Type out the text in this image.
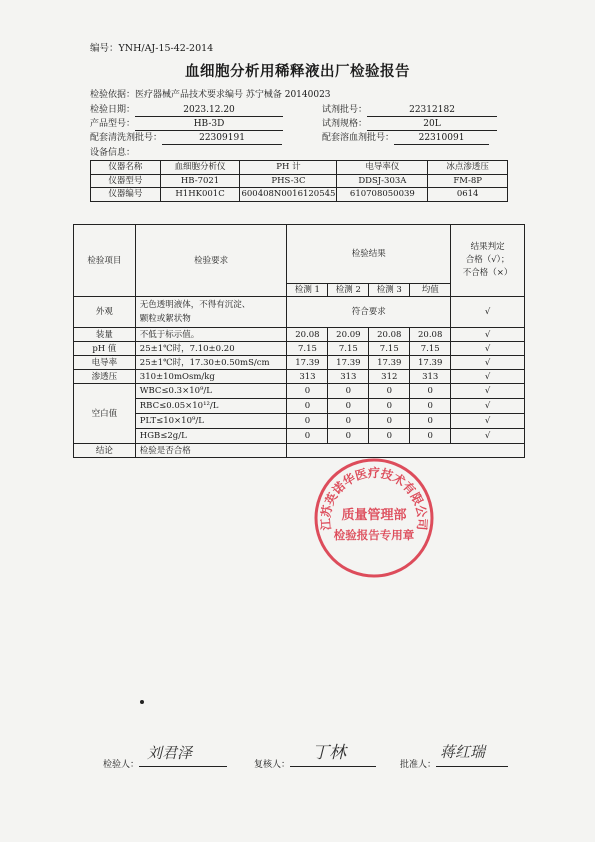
编号：YNH/AJ-15-42-2014
血细胞分析用稀释液出厂检验报告
检验依据：医疗器械产品技术要求编号 苏宁械备 20140023
检验日期：	2023.12.20	试剂批号：	22312182
产品型号：	HB-3D	试剂规格：	20L
配套清洗剂批号：	22309191	配套溶血剂批号：	22310091
设备信息：
仪器名称	血细胞分析仪	PH 计	电导率仪	冰点渗透压
仪器型号	HB-7021	PHS-3C	DDSJ-303A	FM-8P
仪器编号	H1HK001C	600408N0016120545	610708050039	0614
检验项目	检验要求	检验结果				结果判定
合格（√）；
不合格（×）

		检测 1	检测 2	检测 3	均值	
外观	无色透明液体，不得有沉淀、
颗粒或絮状物	符合要求				√
装量	不低于标示值。	20.08	20.09	20.08	20.08	√
pH 值	25±1℃时，7.10±0.20	7.15	7.15	7.15	7.15	√
电导率	25±1℃时，17.30±0.50mS/cm	17.39	17.39	17.39	17.39	√
渗透压	310±10mOsm/kg	313	313	312	313	√
空白值	WBC≤0.3×10⁹/L	0	0	0	0	√
	RBC≤0.05×10¹²/L	0	0	0	0	√
	PLT≤10×10⁹/L	0	0	0	0	√
	HGB≤2g/L	0	0	0	0	√
结论	检验是否合格					
江苏英诺华医疗技术有限公司
质量管理部
检验报告专用章
检验人：
刘君泽
复核人：
丁林
批准人：
蒋红瑞
